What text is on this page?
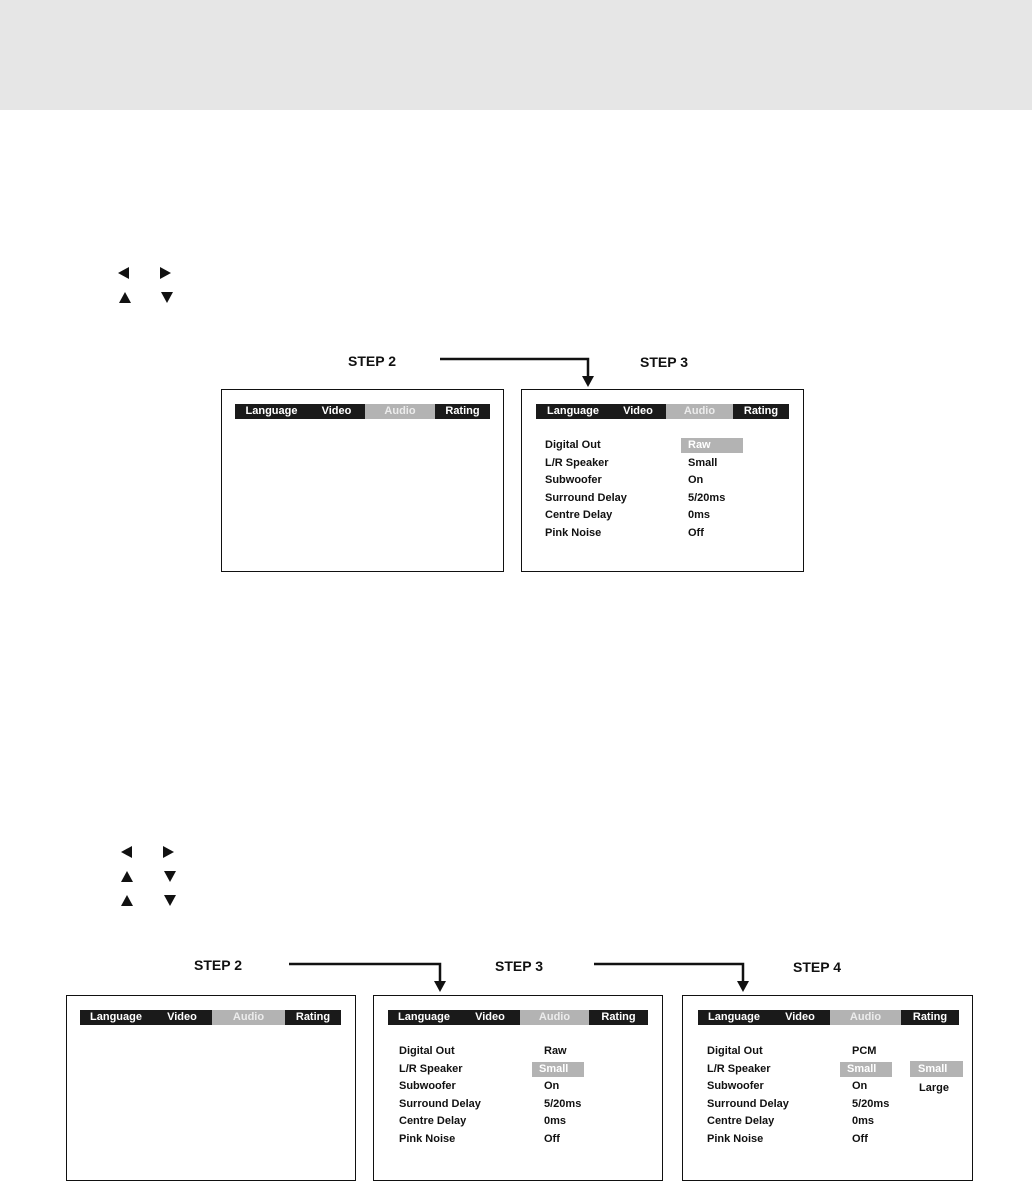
STEP 2	STEP 3
Language	Video	Audio	Rating	Language	Video	Audio	Rating
Digital Out	Raw
L/R Speaker	Small
Subwoofer	On
Surround Delay	5/20ms
Centre Delay	0ms
Pink Noise	Off
STEP 2	STEP 3	STEP 4
Language	Video	Audio	Rating	Language	Video	Audio	Rating
Digital Out	Raw
L/R Speaker	Small
Subwoofer	On
Surround Delay	5/20ms
Centre Delay	0ms
Pink Noise	Off
Language	Video	Audio	Rating
Digital Out	PCM
L/R Speaker	Small
Subwoofer	On
Surround Delay	5/20ms
Centre Delay	0ms
Pink Noise	Off
Small
Large
